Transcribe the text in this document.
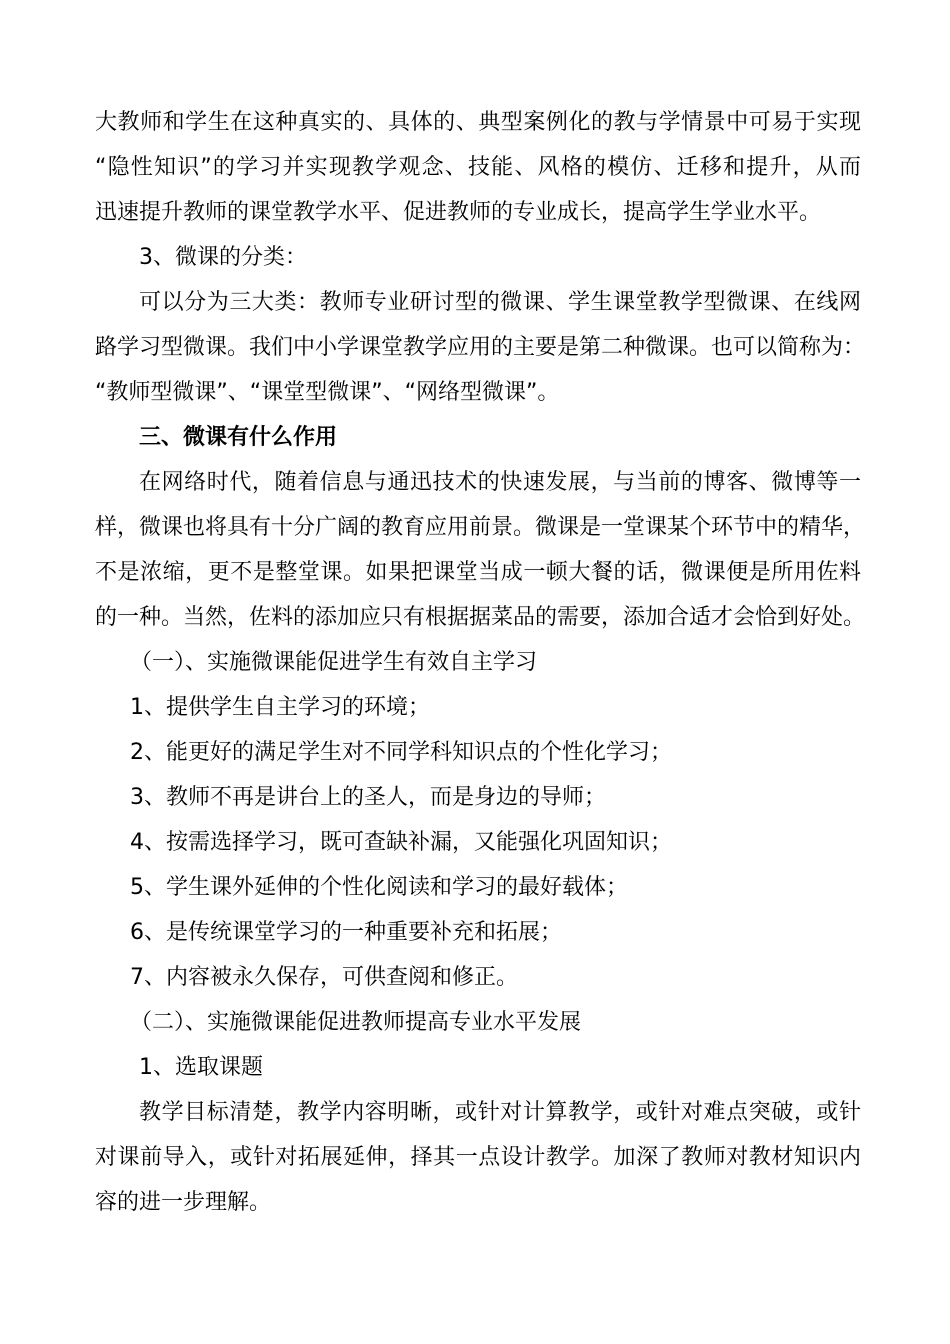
大教师和学生在这种真实的、具体的、典型案例化的教与学情景中可易于实现
“隐性知识”的学习并实现教学观念、技能、风格的模仿、迁移和提升，从而
迅速提升教师的课堂教学水平、促进教师的专业成长，提高学生学业水平。
3、微课的分类：
可以分为三大类：教师专业研讨型的微课、学生课堂教学型微课、在线网
路学习型微课。我们中小学课堂教学应用的主要是第二种微课。也可以简称为：
“教师型微课”、“课堂型微课”、“网络型微课”。
三、微课有什么作用
在网络时代，随着信息与通迅技术的快速发展，与当前的博客、微博等一
样，微课也将具有十分广阔的教育应用前景。微课是一堂课某个环节中的精华，
不是浓缩，更不是整堂课。如果把课堂当成一顿大餐的话，微课便是所用佐料
的一种。当然，佐料的添加应只有根据据菜品的需要，添加合适才会恰到好处。
（一）、实施微课能促进学生有效自主学习
1、提供学生自主学习的环境；
2、能更好的满足学生对不同学科知识点的个性化学习；
3、教师不再是讲台上的圣人，而是身边的导师；
4、按需选择学习，既可查缺补漏，又能强化巩固知识；
5、学生课外延伸的个性化阅读和学习的最好载体；
6、是传统课堂学习的一种重要补充和拓展；
7、内容被永久保存，可供查阅和修正。
（二）、实施微课能促进教师提高专业水平发展
1、选取课题
教学目标清楚，教学内容明晰，或针对计算教学，或针对难点突破，或针
对课前导入，或针对拓展延伸，择其一点设计教学。加深了教师对教材知识内
容的进一步理解。
